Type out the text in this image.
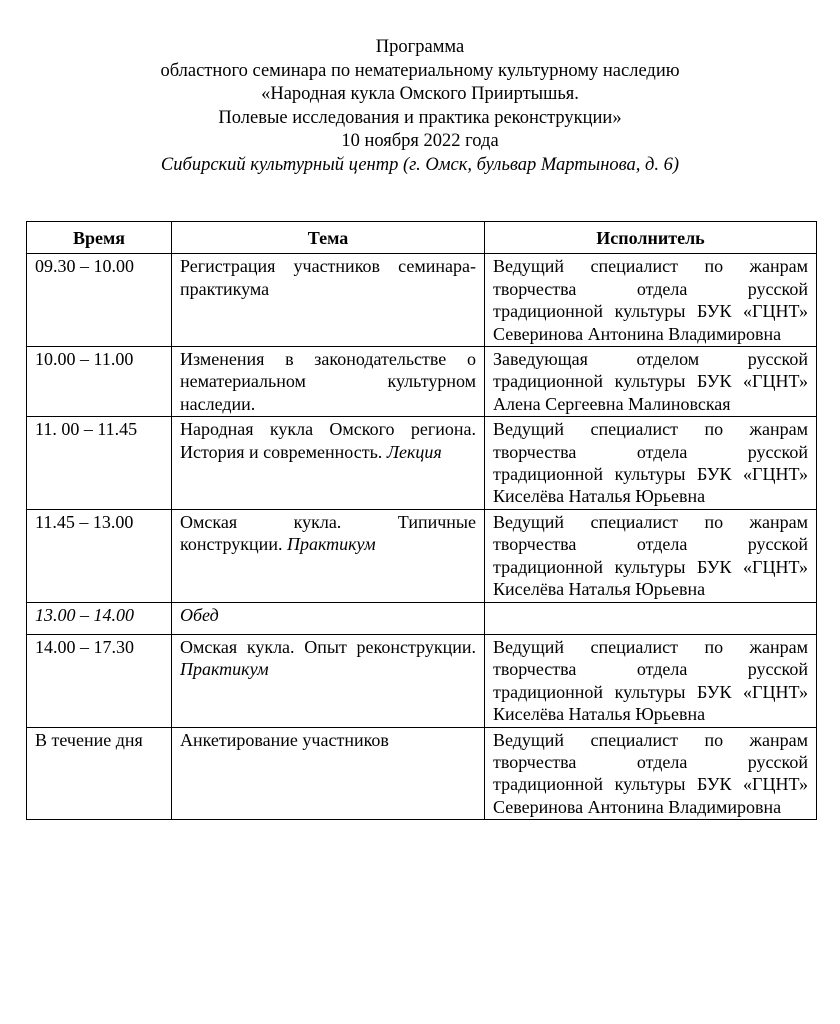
Программа
областного семинара по нематериальному культурному наследию
«Народная кукла Омского Прииртышья.
Полевые исследования и практика реконструкции»
10 ноября 2022 года
Сибирский культурный центр (г. Омск, бульвар Мартынова, д. 6)
Время	Тема	Исполнитель
09.30 – 10.00	Регистрация участников семинара-практикума	Ведущий специалист по жанрам творчества отдела русской традиционной культуры БУК «ГЦНТ» Северинова Антонина Владимировна
10.00 – 11.00	Изменения в законодательстве о нематериальном культурном наследии.	Заведующая отделом русской традиционной культуры БУК «ГЦНТ» Алена Сергеевна Малиновская
11. 00 – 11.45	Народная кукла Омского региона. История и современность. Лекция	Ведущий специалист по жанрам творчества отдела русской традиционной культуры БУК «ГЦНТ» Киселёва Наталья Юрьевна
11.45 – 13.00	Омская кукла. Типичные конструкции. Практикум	Ведущий специалист по жанрам творчества отдела русской традиционной культуры БУК «ГЦНТ» Киселёва Наталья Юрьевна
13.00 – 14.00	Обед	
14.00 – 17.30	Омская кукла. Опыт реконструкции. Практикум	Ведущий специалист по жанрам творчества отдела русской традиционной культуры БУК «ГЦНТ» Киселёва Наталья Юрьевна
В течение дня	Анкетирование участников	Ведущий специалист по жанрам творчества отдела русской традиционной культуры БУК «ГЦНТ» Северинова Антонина Владимировна
